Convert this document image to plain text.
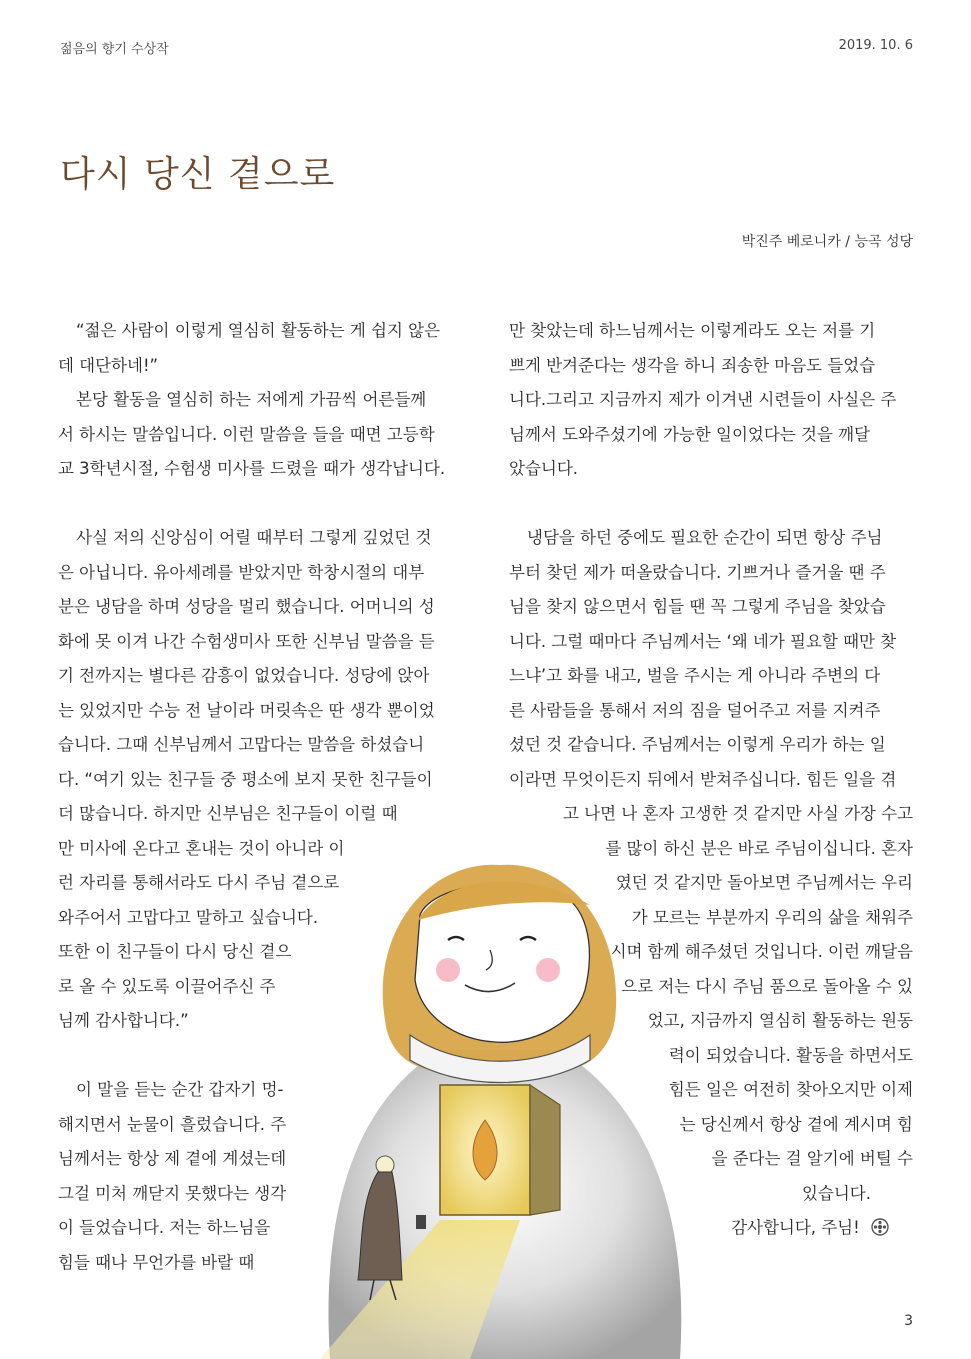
젊음의 향기 수상작	2019. 10. 6
다시 당신 곁으로
박진주 베로니카 / 능곡 성당
“젊은 사람이 이렇게 열심히 활동하는 게 쉽지 않은
데 대단하네!”
본당 활동을 열심히 하는 저에게 가끔씩 어른들께
서 하시는 말씀입니다. 이런 말씀을 들을 때면 고등학
교 3학년시절, 수험생 미사를 드렸을 때가 생각납니다.
사실 저의 신앙심이 어릴 때부터 그렇게 깊었던 것
은 아닙니다. 유아세례를 받았지만 학창시절의 대부
분은 냉담을 하며 성당을 멀리 했습니다. 어머니의 성
화에 못 이겨 나간 수험생미사 또한 신부님 말씀을 듣
기 전까지는 별다른 감흥이 없었습니다. 성당에 앉아
는 있었지만 수능 전 날이라 머릿속은 딴 생각 뿐이었
습니다. 그때 신부님께서 고맙다는 말씀을 하셨습니
다. “여기 있는 친구들 중 평소에 보지 못한 친구들이
더 많습니다. 하지만 신부님은 친구들이 이럴 때
만 미사에 온다고 혼내는 것이 아니라 이
런 자리를 통해서라도 다시 주님 곁으로
와주어서 고맙다고 말하고 싶습니다.
또한 이 친구들이 다시 당신 곁으
로 올 수 있도록 이끌어주신 주
님께 감사합니다.”
이 말을 듣는 순간 갑자기 멍-
해지면서 눈물이 흘렀습니다. 주
님께서는 항상 제 곁에 계셨는데
그걸 미처 깨닫지 못했다는 생각
이 들었습니다. 저는 하느님을
힘들 때나 무언가를 바랄 때
만 찾았는데 하느님께서는 이렇게라도 오는 저를 기
쁘게 반겨준다는 생각을 하니 죄송한 마음도 들었습
니다.그리고 지금까지 제가 이겨낸 시련들이 사실은 주
님께서 도와주셨기에 가능한 일이었다는 것을 깨달
았습니다.
냉담을 하던 중에도 필요한 순간이 되면 항상 주님
부터 찾던 제가 떠올랐습니다. 기쁘거나 즐거울 땐 주
님을 찾지 않으면서 힘들 땐 꼭 그렇게 주님을 찾았습
니다. 그럴 때마다 주님께서는 ‘왜 네가 필요할 때만 찾
느냐’고 화를 내고, 벌을 주시는 게 아니라 주변의 다
른 사람들을 통해서 저의 짐을 덜어주고 저를 지켜주
셨던 것 같습니다. 주님께서는 이렇게 우리가 하는 일
이라면 무엇이든지 뒤에서 받쳐주십니다. 힘든 일을 겪
고 나면 나 혼자 고생한 것 같지만 사실 가장 수고
를 많이 하신 분은 바로 주님이십니다. 혼자
였던 것 같지만 돌아보면 주님께서는 우리
가 모르는 부분까지 우리의 삶을 채워주
시며 함께 해주셨던 것입니다. 이런 깨달음
으로 저는 다시 주님 품으로 돌아올 수 있
었고, 지금까지 열심히 활동하는 원동
력이 되었습니다. 활동을 하면서도
힘든 일은 여전히 찾아오지만 이제
는 당신께서 항상 곁에 계시며 힘
을 준다는 걸 알기에 버틸 수
있습니다.
감사합니다, 주님!
3
